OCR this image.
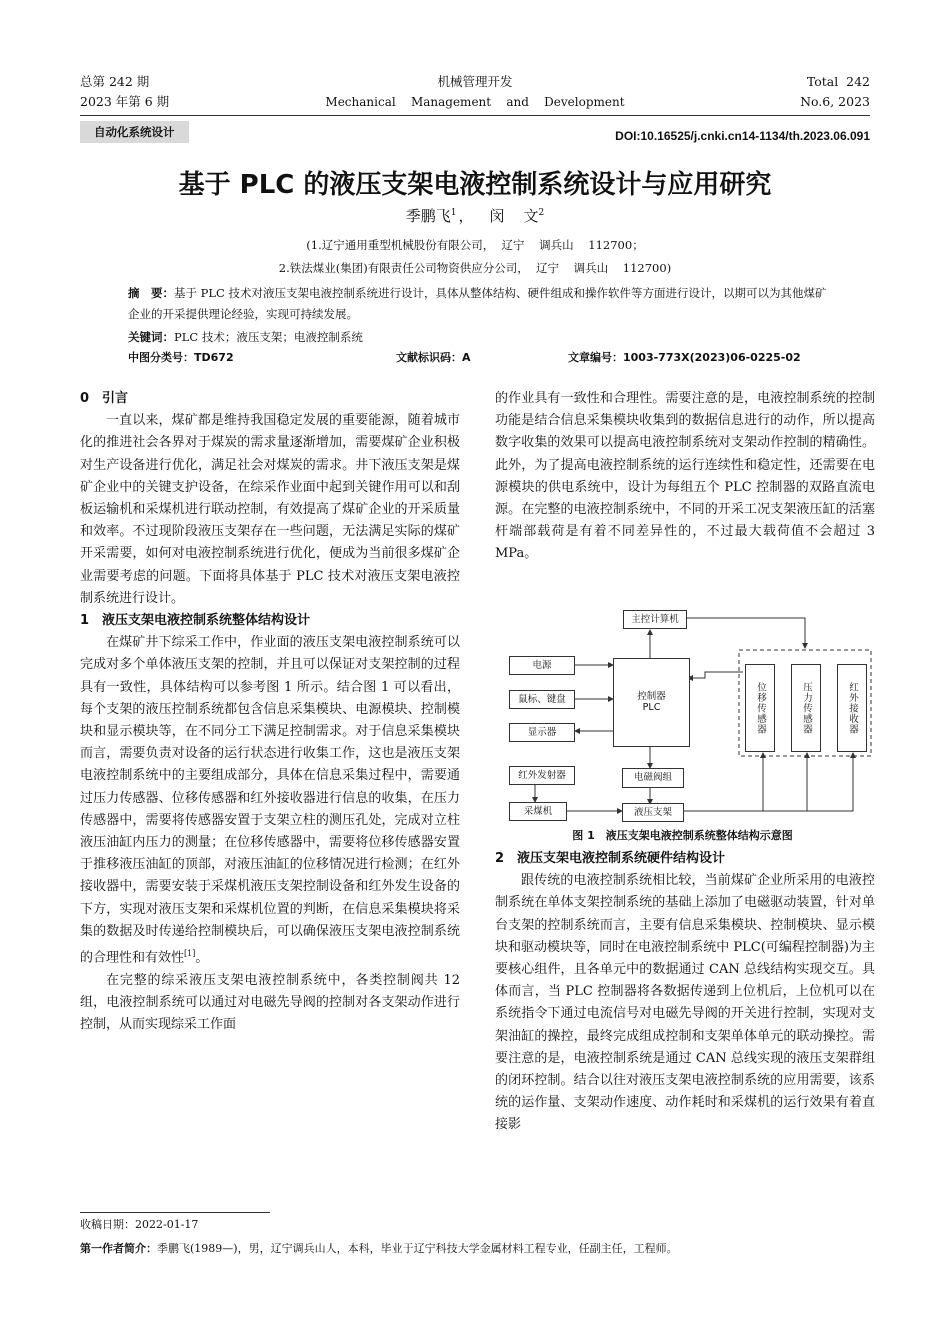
总第 242 期
2023 年第 6 期
机械管理开发
Mechanical    Management    and    Development
Total  242
No.6, 2023
自动化系统设计	DOI:10.16525/j.cnki.cn14-1134/th.2023.06.091
基于 PLC 的液压支架电液控制系统设计与应用研究
季鹏飞$^1$ ， 闵    文$^2$
(1.辽宁通用重型机械股份有限公司，  辽宁    调兵山    112700；
2.铁法煤业(集团)有限责任公司物资供应分公司，  辽宁    调兵山    112700)
摘　要：基于 PLC 技术对液压支架电液控制系统进行设计，具体从整体结构、硬件组成和操作软件等方面进行设计，以期可以为其他煤矿企业的开采提供理论经验，实现可持续发展。
关键词：PLC 技术；液压支架；电液控制系统
中图分类号：TD672	文献标识码：A	文章编号：1003-773X(2023)06-0225-02
0　引言

一直以来，煤矿都是维持我国稳定发展的重要能源，随着城市化的推进社会各界对于煤炭的需求量逐渐增加，需要煤矿企业积极对生产设备进行优化，满足社会对煤炭的需求。井下液压支架是煤矿企业中的关键支护设备，在综采作业面中起到关键作用可以和刮板运输机和采煤机进行联动控制，有效提高了煤矿企业的开采质量和效率。不过现阶段液压支架存在一些问题，无法满足实际的煤矿开采需要，如何对电液控制系统进行优化，便成为当前很多煤矿企业需要考虑的问题。下面将具体基于 PLC 技术对液压支架电液控制系统进行设计。

1　液压支架电液控制系统整体结构设计

在煤矿井下综采工作中，作业面的液压支架电液控制系统可以完成对多个单体液压支架的控制，并且可以保证对支架控制的过程具有一致性，具体结构可以参考图 1 所示。结合图 1 可以看出，每个支架的液压控制系统都包含信息采集模块、电源模块、控制模块和显示模块等，在不同分工下满足控制需求。对于信息采集模块而言，需要负责对设备的运行状态进行收集工作，这也是液压支架电液控制系统中的主要组成部分，具体在信息采集过程中，需要通过压力传感器、位移传感器和红外接收器进行信息的收集，在压力传感器中，需要将传感器安置于支架立柱的测压孔处，完成对立柱液压油缸内压力的测量；在位移传感器中，需要将位移传感器安置于推移液压油缸的顶部，对液压油缸的位移情况进行检测；在红外接收器中，需要安装于采煤机液压支架控制设备和红外发生设备的下方，实现对液压支架和采煤机位置的判断，在信息采集模块将采集的数据及时传递给控制模块后，可以确保液压支架电液控制系统的合理性和有效性[1]。

在完整的综采液压支架电液控制系统中，各类控制阀共 12 组，电液控制系统可以通过对电磁先导阀的控制对各支架动作进行控制，从而实现综采工作面

的作业具有一致性和合理性。需要注意的是，电液控制系统的控制功能是结合信息采集模块收集到的数据信息进行的动作，所以提高数字收集的效果可以提高电液控制系统对支架动作控制的精确性。此外，为了提高电液控制系统的运行连续性和稳定性，还需要在电源模块的供电系统中，设计为每组五个 PLC 控制器的双路直流电源。在完整的电液控制系统中，不同的开采工况支架液压缸的活塞杆端部载荷是有着不同差异性的，不过最大载荷值不会超过 3 MPa。

主控计算机
电源
鼠标、键盘
显示器
红外发射器
采煤机
控制器
PLC
电磁阀组
液压支架
位移传感器	压力传感器	红外接收器
图 1　液压支架电液控制系统整体结构示意图
2　液压支架电液控制系统硬件结构设计

跟传统的电液控制系统相比较，当前煤矿企业所采用的电液控制系统在单体支架控制系统的基础上添加了电磁驱动装置，针对单台支架的控制系统而言，主要有信息采集模块、控制模块、显示模块和驱动模块等，同时在电液控制系统中 PLC(可编程控制器)为主要核心组件，且各单元中的数据通过 CAN 总线结构实现交互。具体而言，当 PLC 控制器将各数据传递到上位机后，上位机可以在系统指令下通过电流信号对电磁先导阀的开关进行控制，实现对支架油缸的操控，最终完成组成控制和支架单体单元的联动操控。需要注意的是，电液控制系统是通过 CAN 总线实现的液压支架群组的闭环控制。结合以往对液压支架电液控制系统的应用需要，该系统的运作量、支架动作速度、动作耗时和采煤机的运行效果有着直接影

收稿日期：2022-01-17
第一作者简介：季鹏飞(1989—)，男，辽宁调兵山人，本科，毕业于辽宁科技大学金属材料工程专业，任副主任，工程师。
